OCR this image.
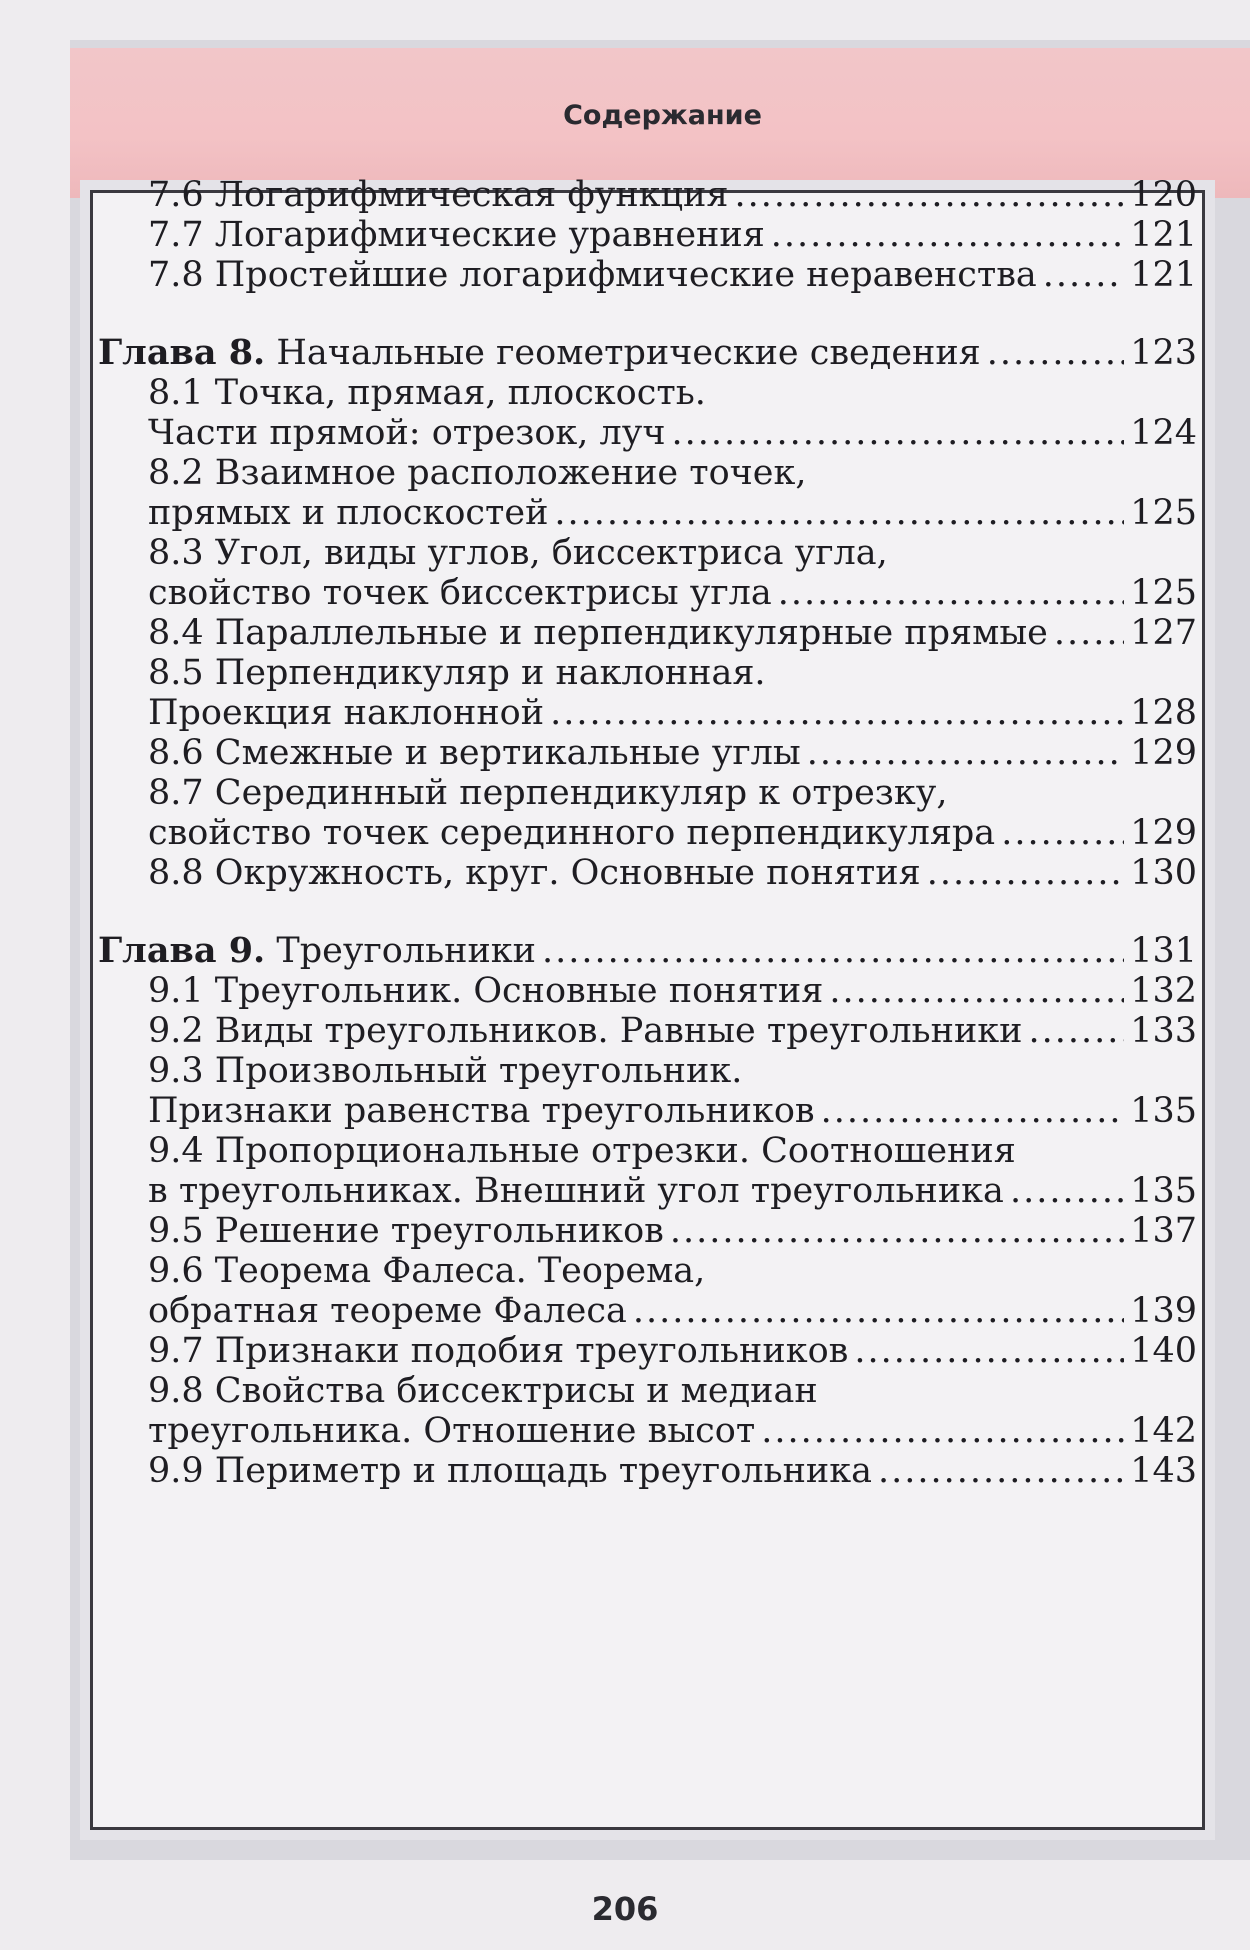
Содержание
7.6 Логарифмическая функция .....	120
7.7 Логарифмические уравнения .....	121
7.8 Простейшие логарифмические неравенства .....	121
Глава 8. Начальные геометрические сведения .....	123
8.1 Точка, прямая, плоскость.
Части прямой: отрезок, луч .....	124
8.2 Взаимное расположение точек,
прямых и плоскостей .....	125
8.3 Угол, виды углов, биссектриса угла,
свойство точек биссектрисы угла .....	125
8.4 Параллельные и перпендикулярные прямые ..... 127
8.5 Перпендикуляр и наклонная.
Проекция наклонной .....	128
8.6 Смежные и вертикальные углы .....	129
8.7 Серединный перпендикуляр к отрезку,
свойство точек серединного перпендикуляра .....	129
8.8 Окружность, круг. Основные понятия .....	130
Глава 9. Треугольники .....	131
9.1 Треугольник. Основные понятия .....	132
9.2 Виды треугольников. Равные треугольники .....	133
9.3 Произвольный треугольник.
Признаки равенства треугольников .....	135
9.4 Пропорциональные отрезки. Соотношения
в треугольниках. Внешний угол треугольника .....	135
9.5 Решение треугольников .....	137
9.6 Теорема Фалеса. Теорема,
обратная теореме Фалеса .....	139
9.7 Признаки подобия треугольников .....	140
9.8 Свойства биссектрисы и медиан
треугольника. Отношение высот .....	142
9.9 Периметр и площадь треугольника .....	143
206
